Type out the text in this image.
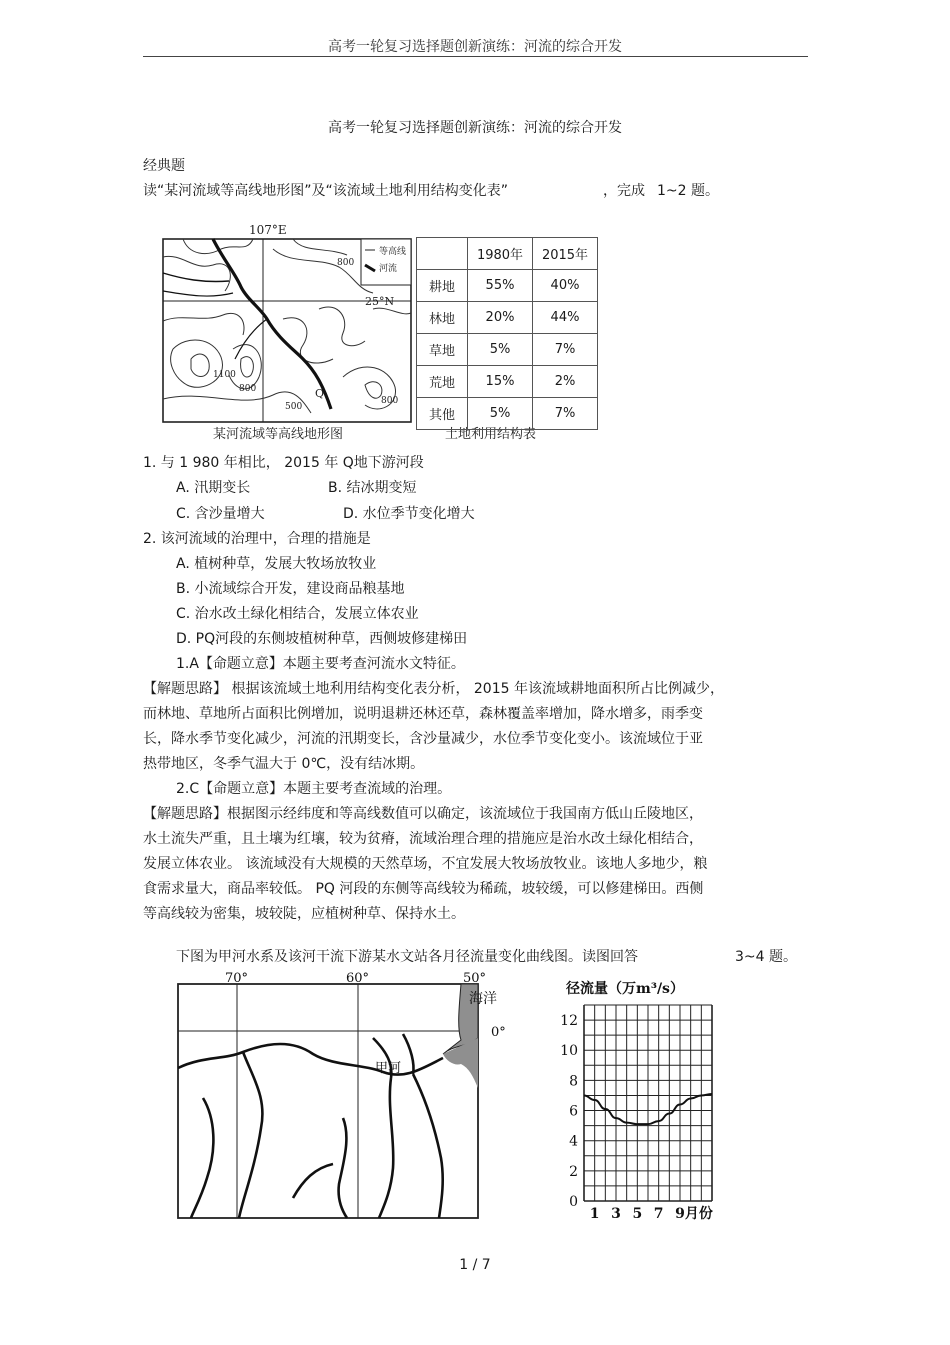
高考一轮复习选择题创新演练：河流的综合开发
高考一轮复习选择题创新演练：河流的综合开发
经典题
读“某河流域等高线地形图”及“该流域土地利用结构变化表”	，完成 1~2 题。
107°E
25°N
等高线
河流
800
1100
800
500
800
Q
某河流域等高线地形图	土地利用结构表
	1980年	2015年
耕地	55%	40%
林地	20%	44%
草地	5%	7%
荒地	15%	2%
其他	5%	7%
1. 与 1 980 年相比， 2015 年 Q地下游河段
A. 汛期变长	B. 结冰期变短
C. 含沙量增大	D. 水位季节变化增大
2. 该河流域的治理中，合理的措施是
A. 植树种草，发展大牧场放牧业
B. 小流域综合开发，建设商品粮基地
C. 治水改土绿化相结合，发展立体农业
D. PQ河段的东侧坡植树种草，西侧坡修建梯田
1.A【命题立意】本题主要考查河流水文特征。
【解题思路】 根据该流域土地利用结构变化表分析， 2015 年该流域耕地面积所占比例减少，
而林地、草地所占面积比例增加，说明退耕还林还草，森林覆盖率增加，降水增多，雨季变
长，降水季节变化减少，河流的汛期变长，含沙量减少，水位季节变化变小。该流域位于亚
热带地区，冬季气温大于 0℃，没有结冰期。
2.C【命题立意】本题主要考查流域的治理。
【解题思路】根据图示经纬度和等高线数值可以确定，该流域位于我国南方低山丘陵地区，
水土流失严重，且土壤为红壤，较为贫瘠，流域治理合理的措施应是治水改土绿化相结合，
发展立体农业。 该流域没有大规模的天然草场，不宜发展大牧场放牧业。该地人多地少，粮
食需求量大，商品率较低。 PQ 河段的东侧等高线较为稀疏，坡较缓，可以修建梯田。西侧
等高线较为密集，坡较陡，应植树种草、保持水土。
下图为甲河水系及该河干流下游某水文站各月径流量变化曲线图。读图回答	3~4 题。
海洋
0°
70°	60°	50°
甲河
径流量（万m³/s）
0
2
4
6
8
10
12
1 3 5 7 9月份
1 / 7
